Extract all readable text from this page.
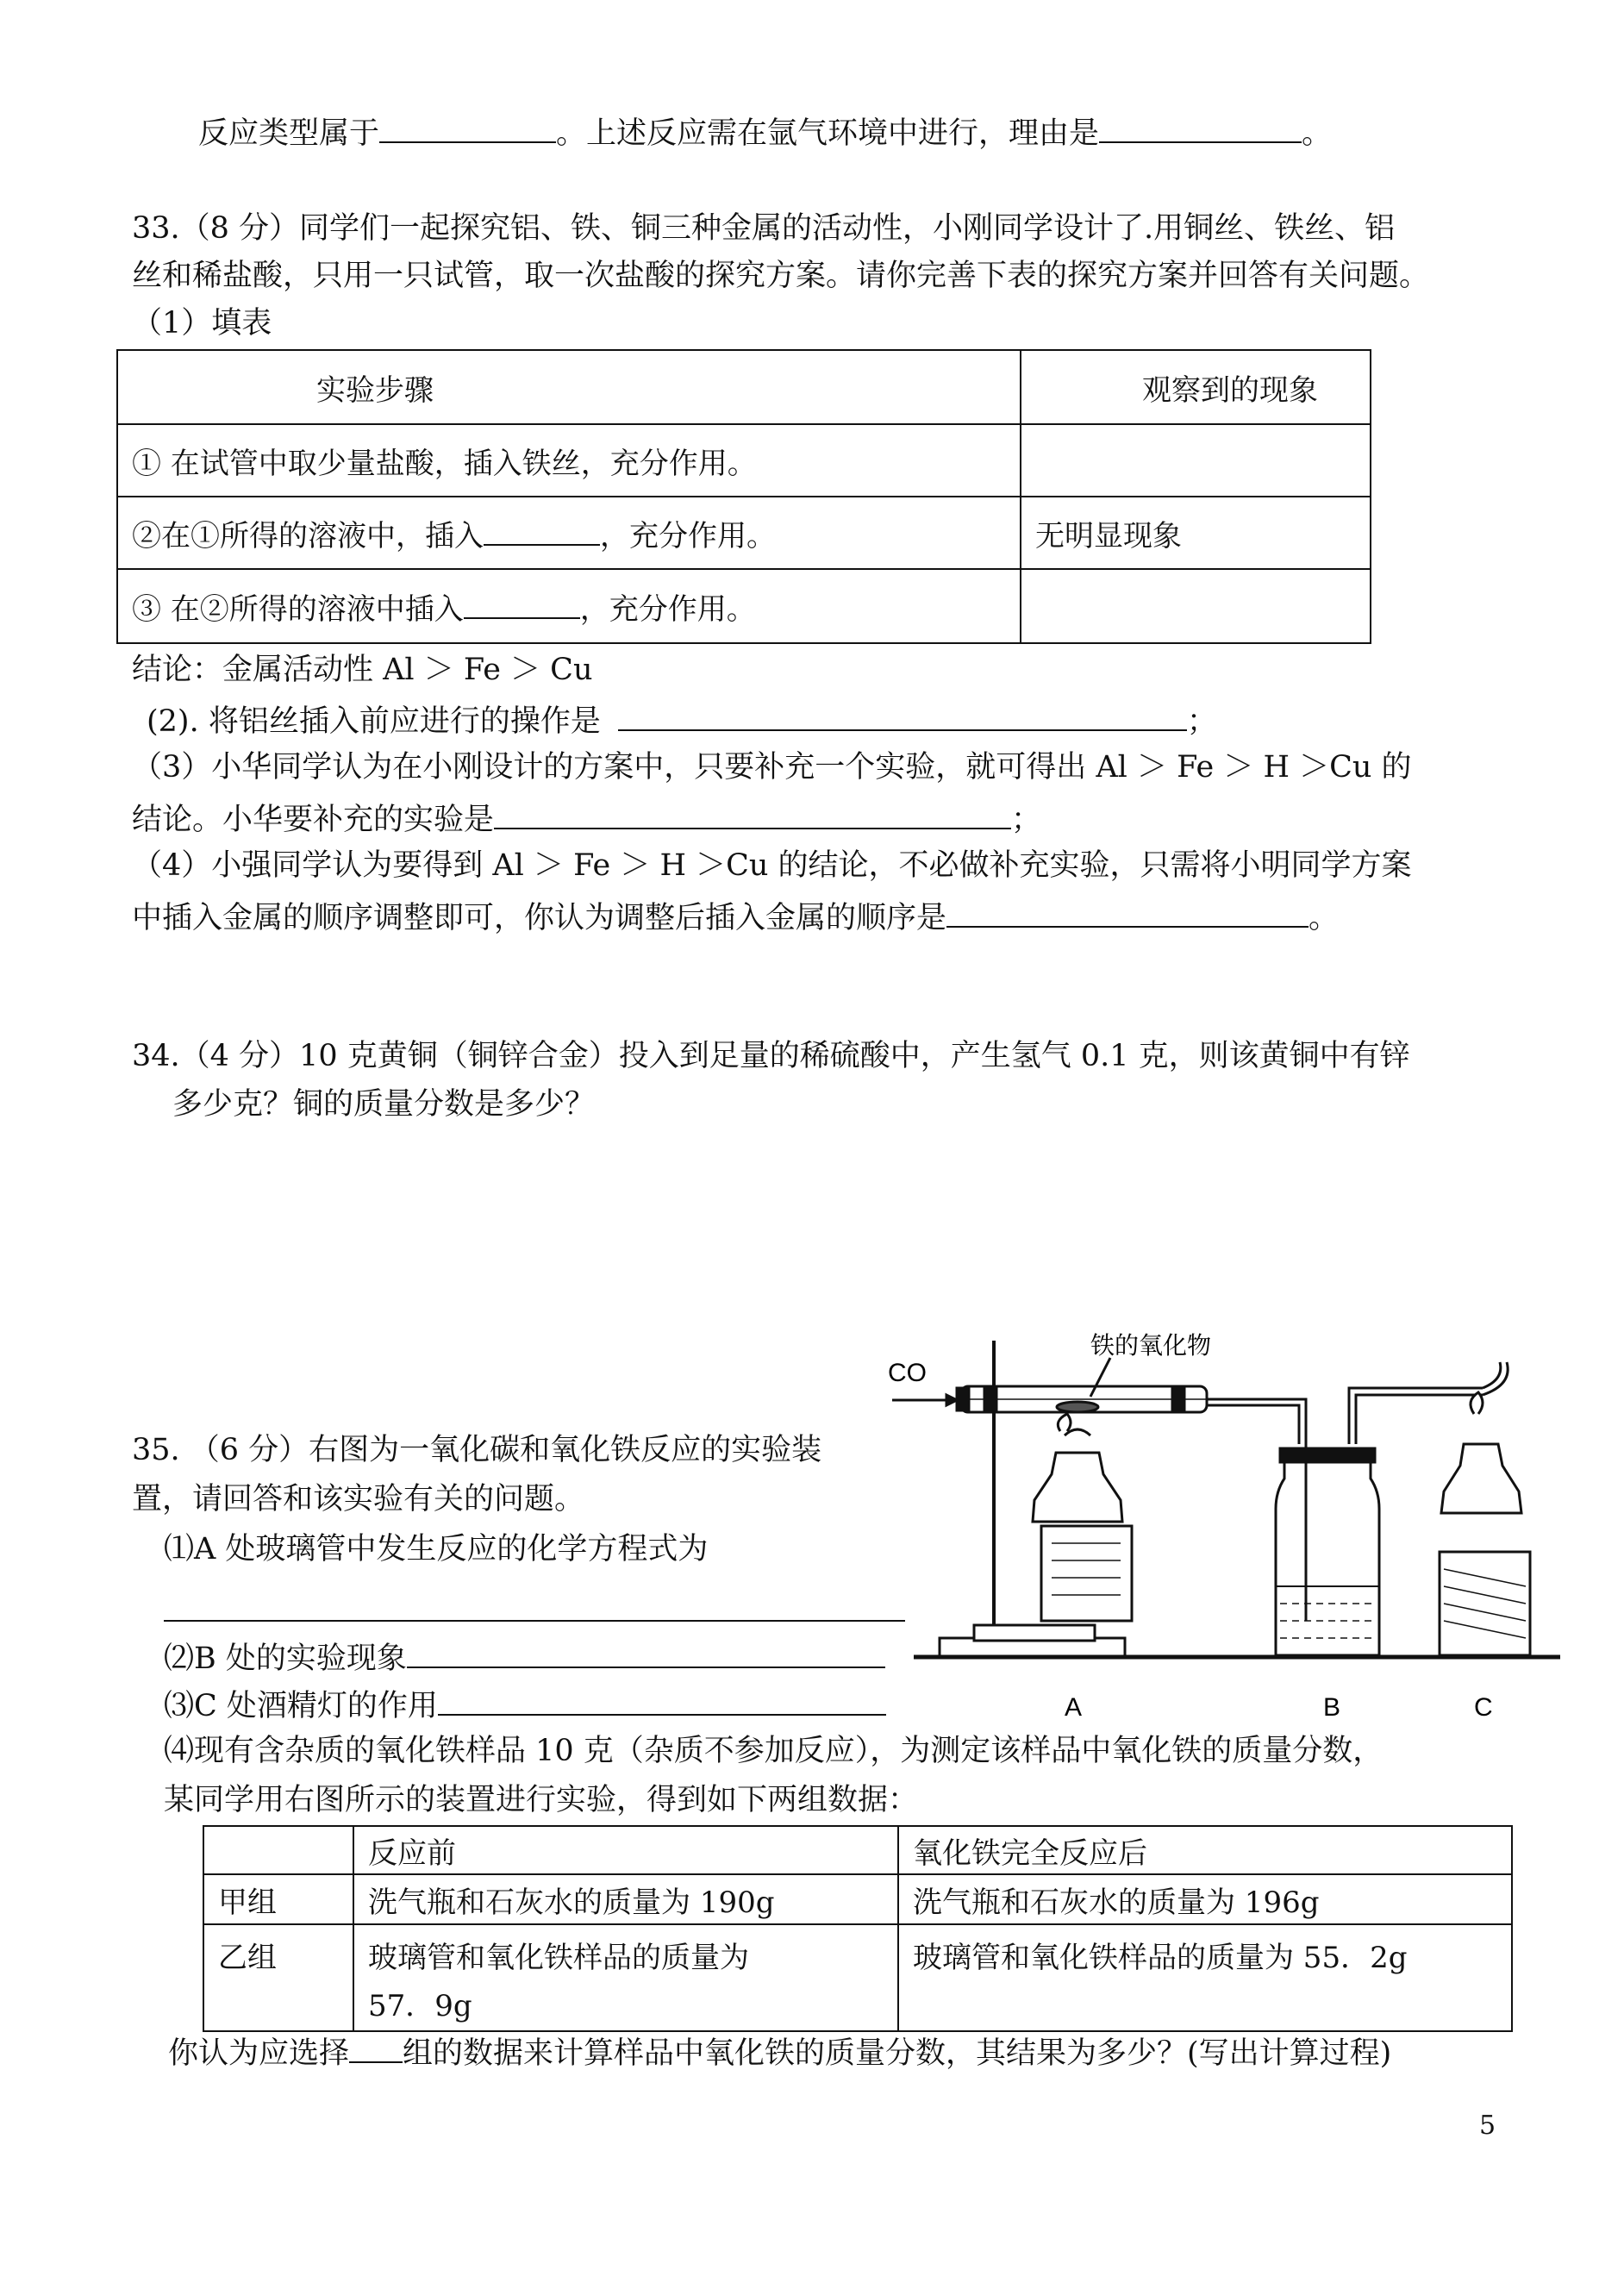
反应类型属于	。上述反应需在氩气环境中进行，理由是	。
33.（8 分）同学们一起探究铝、铁、铜三种金属的活动性，小刚同学设计了.用铜丝、铁丝、铝
丝和稀盐酸，只用一只试管，取一次盐酸的探究方案。请你完善下表的探究方案并回答有关问题。
（1）填表
实验步骤	观察到的现象
① 在试管中取少量盐酸，插入铁丝，充分作用。	
②在①所得的溶液中，插入 ，充分作用。	无明显现象
③ 在②所得的溶液中插入 ，充分作用。	
结论：金属活动性 Al ＞ Fe ＞ Cu
(2). 将铝丝插入前应进行的操作是	；
（3）小华同学认为在小刚设计的方案中，只要补充一个实验，就可得出 Al ＞ Fe ＞ H ＞Cu 的
结论。小华要补充的实验是	；
（4）小强同学认为要得到 Al ＞ Fe ＞ H ＞Cu 的结论，不必做补充实验，只需将小明同学方案
中插入金属的顺序调整即可，你认为调整后插入金属的顺序是	。
34.（4 分）10 克黄铜（铜锌合金）投入到足量的稀硫酸中，产生氢气 0.1 克，则该黄铜中有锌
多少克？铜的质量分数是多少？
35. （6 分）右图为一氧化碳和氧化铁反应的实验装
置，请回答和该实验有关的问题。
⑴A 处玻璃管中发生反应的化学方程式为
⑵B 处的实验现象
⑶C 处酒精灯的作用
CO
铁的氧化物
A	B	C
⑷现有含杂质的氧化铁样品 10 克（杂质不参加反应），为测定该样品中氧化铁的质量分数，
某同学用右图所示的装置进行实验，得到如下两组数据：
	反应前	氧化铁完全反应后
甲组	洗气瓶和石灰水的质量为 190g	洗气瓶和石灰水的质量为 196g
乙组	玻璃管和氧化铁样品的质量为
57．9g	玻璃管和氧化铁样品的质量为 55．2g
你认为应选择 组的数据来计算样品中氧化铁的质量分数，其结果为多少？(写出计算过程)
5
